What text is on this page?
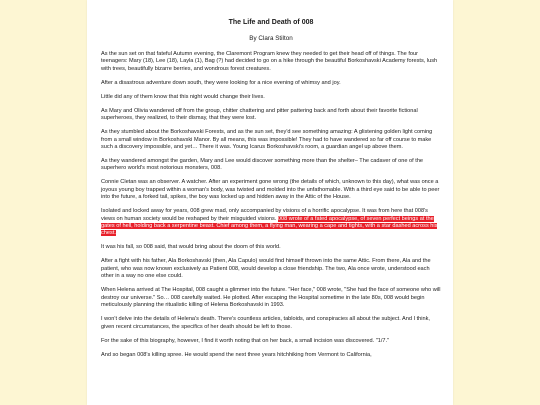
The Life and Death of 008
By Clara Stilton

As the sun set on that fateful Autumn evening, the Claremont Program knew they needed to get their head off of things. The four teenagers: Mary (18), Lee (18), Layla (1), Bag (?) had decided to go on a hike through the beautiful Borkoshavski Academy forests, lush with trees, beautifully bizarre berries, and wondrous forest creatures.

After a disastrous adventure down south, they were looking for a nice evening of whimsy and joy.

Little did any of them know that this night would change their lives.

As Mary and Olivia wandered off from the group, chitter chattering and pitter pattering back and forth about their favorite fictional superheroes, they realized, to their dismay, that they were lost.

As they stumbled about the Borkoshavski Forests, and as the sun set, they'd see something amazing: A glistening golden light coming from a small window in Borkoshavski Manor. By all means, this was impossible! They had to have wandered so far off course to make such a discovery impossible, and yet… There it was. Young Icarus Borkoshavski's room, a guardian angel up above them.

As they wandered amongst the garden, Mary and Lee would discover something more than the shelter– The cadaver of one of the superhero world's most notorious monsters, 008.

Connie Cletan was an observer. A watcher. After an experiment gone wrong (the details of which, unknown to this day), what was once a joyous young boy trapped within a woman's body, was twisted and molded into the unfathomable. With a third eye said to be able to peer into the future, a forked tail, spikes, the boy was locked up and hidden away in the Attic of the House.

Isolated and locked away for years, 008 grew mad, only accompanied by visions of a horrific apocalypse. It was from here that 008's views on human society would be reshaped by their misguided visions. 008 wrote of a fated apocalypse, of seven perfect beings at the gates of hell, holding back a serpentine beast. Chief among them, a flying man, wearing a cape and tights, with a star dashed across his chest.

It was his fall, so 008 said, that would bring about the doom of this world.

After a fight with his father, Ala Borkoshavski (then, Ala Capulo) would find himself thrown into the same Attic. From there, Ala and the patient, who was now known exclusively as Patient 008, would develop a close friendship. The two, Ala once wrote, understood each other in a way no one else could.

When Helena arrived at The Hospital, 008 caught a glimmer into the future. "Her face," 008 wrote, "She had the face of someone who will destroy our universe." So… 008 carefully waited. He plotted. After escaping the Hospital sometime in the late 80s, 008 would begin meticulously planning the ritualistic killing of Helena Borkoshavski in 1993.

I won't delve into the details of Helena's death. There's countless articles, tabloids, and conspiracies all about the subject. And I think, given recent circumstances, the specifics of her death should be left to those.

For the sake of this biography, however, I find it worth noting that on her back, a small incision was discovered. "1/7."

And so began 008's killing spree. He would spend the next three years hitchhiking from Vermont to California,
